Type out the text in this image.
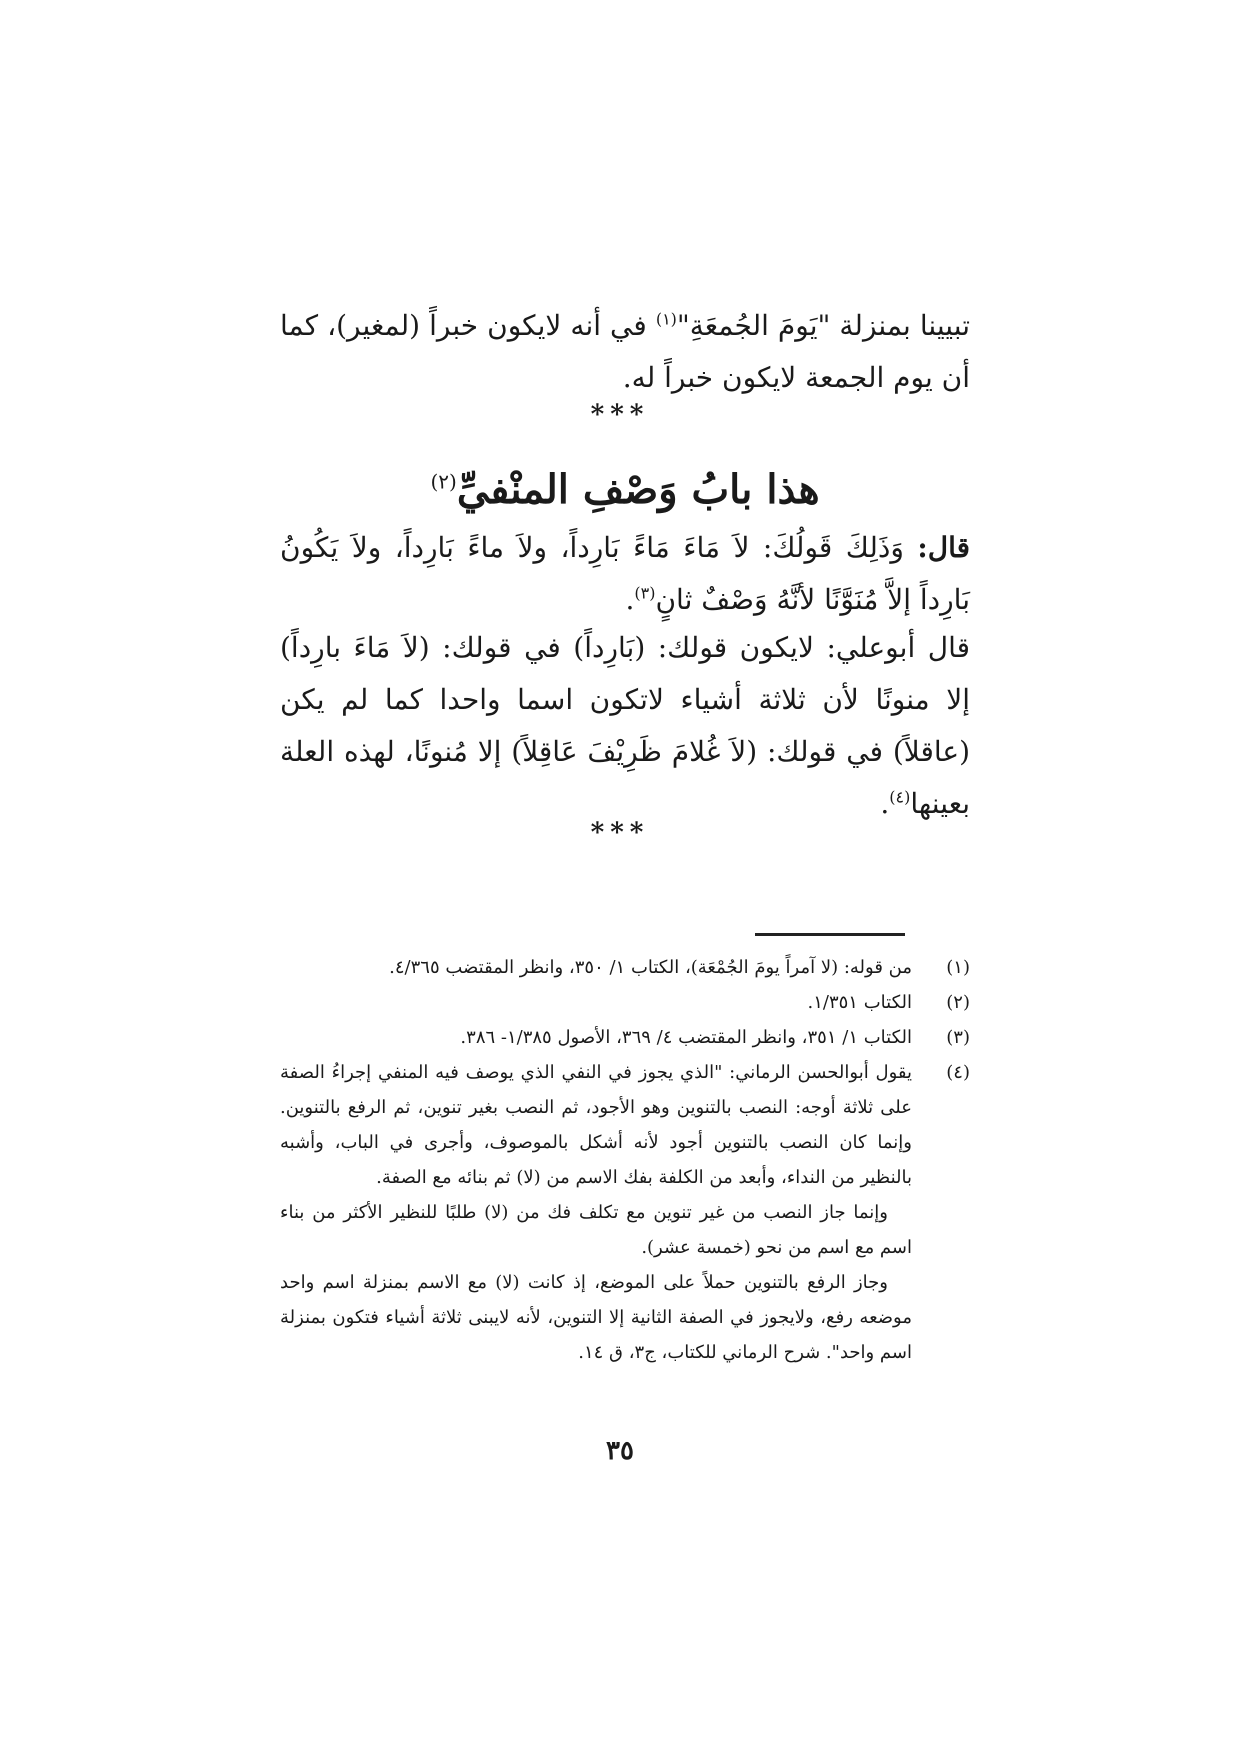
تبيينا بمنزلة "يَومَ الجُمعَةِ"$^{(١)}$ في أنه لايكون خبراً (لمغير)، كما أن يوم الجمعة لايكون خبراً له.
***
هذا بابُ وَصْفِ المنْفيِّ$^{(٢)}$
قال: وَذَلِكَ قَولُكَ: لاَ مَاءَ مَاءً بَارِداً، ولاَ ماءً بَارِداً، ولاَ يَكُونُ بَارِداً إلاَّ مُنَوَّنًا لأنَّهُ وَصْفٌ ثانٍ$^{(٣)}$.
قال أبوعلي: لايكون قولك: (بَارِداً) في قولك: (لاَ مَاءَ بارِداً) إلا منونًا لأن ثلاثة أشياء لاتكون اسما واحدا كما لم يكن (عاقلاً) في قولك: (لاَ غُلامَ ظَرِيْفَ عَاقِلاً) إلا مُنونًا، لهذه العلة بعينها$^{(٤)}$.
***
(١)

من قوله: (لا آمراً يومَ الجُمْعَة)، الكتاب ١/ ٣٥٠، وانظر المقتضب ٤/٣٦٥.

(٢)

الكتاب ١/٣٥١.

(٣)

الكتاب ١/ ٣٥١، وانظر المقتضب ٤/ ٣٦٩، الأصول ١/٣٨٥- ٣٨٦.

(٤)

يقول أبوالحسن الرماني: "الذي يجوز في النفي الذي يوصف فيه المنفي إجراءُ الصفة على ثلاثة أوجه: النصب بالتنوين وهو الأجود، ثم النصب بغير تنوين، ثم الرفع بالتنوين. وإنما كان النصب بالتنوين أجود لأنه أشكل بالموصوف، وأجرى في الباب، وأشبه بالنظير من النداء، وأبعد من الكلفة بفك الاسم من (لا) ثم بنائه مع الصفة.

وإنما جاز النصب من غير تنوين مع تكلف فك من (لا) طلبًا للنظير الأكثر من بناء اسم مع اسم من نحو (خمسة عشر).

وجاز الرفع بالتنوين حملاً على الموضع، إذ كانت (لا) مع الاسم بمنزلة اسم واحد موضعه رفع، ولايجوز في الصفة الثانية إلا التنوين، لأنه لايبنى ثلاثة أشياء فتكون بمنزلة اسم واحد". شرح الرماني للكتاب، ج٣، ق ١٤.

٣٥
